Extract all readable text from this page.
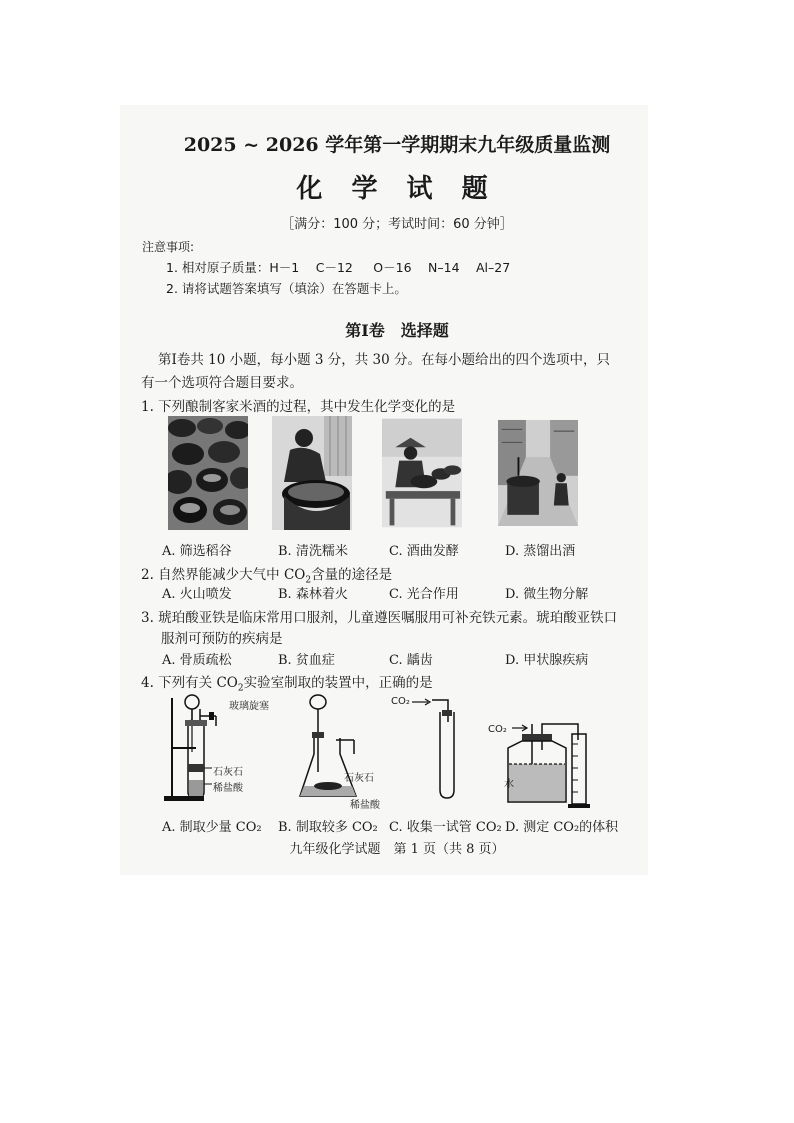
2025 ~ 2026 学年第一学期期末九年级质量监测
化 学 试 题
［满分：100 分；考试时间：60 分钟］
注意事项:
1. 相对原子质量：H－1 　C－12 　 O－16 　N–14 　Al–27
2. 请将试题答案填写（填涂）在答题卡上。
第Ⅰ卷　选择题
第Ⅰ卷共 10 小题，每小题 3 分，共 30 分。在每小题给出的四个选项中，只
有一个选项符合题目要求。
1. 下列酿制客家米酒的过程，其中发生化学变化的是
A. 筛选稻谷	B. 清洗糯米	C. 酒曲发酵	D. 蒸馏出酒
2. 自然界能减少大气中 $CO_2$含量的途径是
A. 火山喷发	B. 森林着火	C. 光合作用	D. 微生物分解
3. 琥珀酸亚铁是临床常用口服剂，儿童遵医嘱服用可补充铁元素。琥珀酸亚铁口
服剂可预防的疾病是
A. 骨质疏松	B. 贫血症	C. 龋齿	D. 甲状腺疾病
4. 下列有关 $CO_2$实验室制取的装置中，正确的是
玻璃旋塞
石灰石
稀盐酸
石灰石
稀盐酸
CO₂
CO₂
水
A. 制取少量 CO₂ B. 制取较多 CO₂ C. 收集一试管 CO₂ D. 测定 CO₂的体积
九年级化学试题　第 1 页（共 8 页）
